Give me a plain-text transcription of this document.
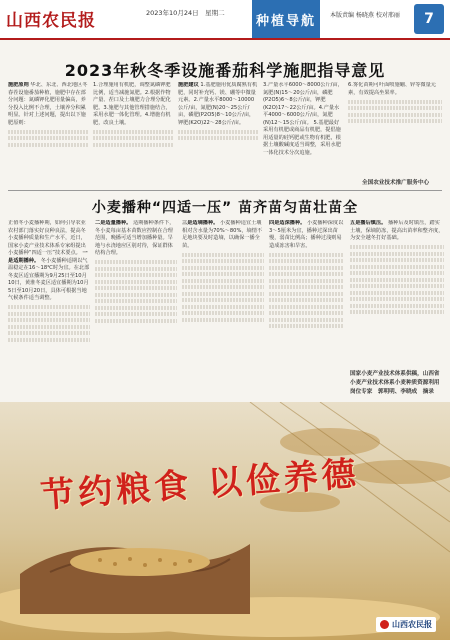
山西农民报	2023年10月24日　星期二
种植导航	本版责编 杨晓燕 校对邢丽	7
2023年秋冬季设施番茄科学施肥指导意见
施肥原则 华北、东北、西北地区冬春茬设施番茄种植，施肥中存在部分问题：氮磷钾化肥用量偏高，养分投入比例不合理，土壤养分积累明显。针对上述问题，提出以下施肥原则：
1.合理施用有机肥，调整氮磷钾肥比例，适当减施氮肥。2.根据作物产量、茬口及土壤肥力合理分配化肥。3.施肥与其他管理措施结合，采用水肥一体化管理。4.增施有机肥，改良土壤。
施肥建议 1.基肥施用优质腐熟有机肥，同时补充钙、镁、硼等中微量元素。2.产量水平8000～10000公斤/亩，氮肥(N)20～25公斤/亩，磷肥(P2O5)8～10公斤/亩，钾肥(K2O)22～28公斤/亩。
3.产量水平6000～8000公斤/亩，氮肥(N)15～20公斤/亩，磷肥(P2O5)6～8公斤/亩，钾肥(K2O)17～22公斤/亩。4.产量水平4000～6000公斤/亩，氮肥(N)12～15公斤/亩。 5.基肥最好采用有机肥或商品有机肥，提倡施用适量的硅钙肥或生物有机肥，根据土壤酸碱度适当调整，采用水肥一体化技术分次追施。
6.雾化苗期可叶面喷施硼、锌等微量元素，有效提高坐果率。
全国农业技术推广服务中心
小麦播种“四适一压” 苗齐苗匀苗壮苗全
正值冬小麦播种期，如何引导农业农村部门落实好良种良法，提高冬小麦播种质量和生产水平，近日，国家小麦产业技术体系专家组提出小麦播种“四适一压”技术要点。 一是适期播种。 冬小麦播种适期以气温稳定在16～18℃时为宜。在北部冬麦区适宜播期为9月25日至10月10日，黄淮冬麦区适宜播期为10月5日至10月20日，具体可根据当地气候条件适当调整。
二是适量播种。 适期播种条件下，冬小麦每亩基本苗数应控制在合理范围，晚播可适当增加播种量。旱地与水浇地应区别对待，保证群体结构合理。
三是适墒播种。 小麦播种适宜土壤相对含水量为70%～80%，墒情不足地块要及时造墒，以确保一播全苗。
四是适深播种。 小麦播种深度以3～5厘米为宜，播种过深出苗慢，弱苗比例高；播种过浅则易造成冻害和旱害。
五是播后镇压。 播种后及时镇压，踏实土壤，保墒防冻，提高出苗率和整齐度，为安全越冬打好基础。
国家小麦产业技术体系供稿，山西省小麦产业技术体系小麦种质资源利用岗位专家　郭明明、李晓成　摘录
节约粮食 以俭养德
山西农民报
